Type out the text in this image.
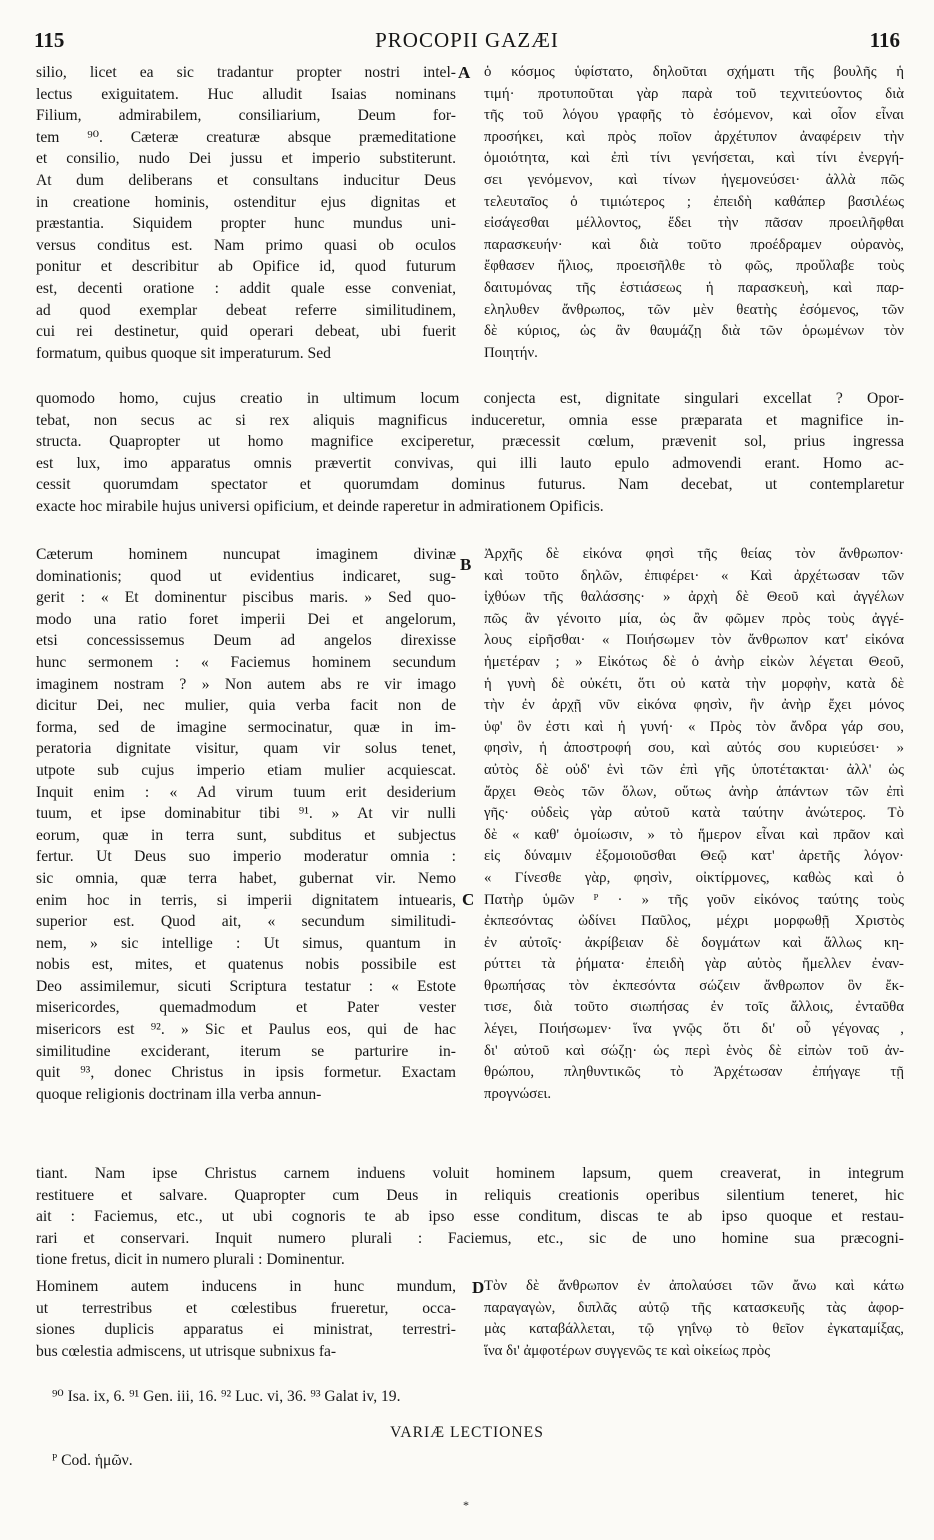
115	PROCOPII GAZÆI	116
silio, licet ea sic tradantur propter nostri intel-
lectus exiguitatem. Huc alludit Isaias nominans
Filium, admirabilem, consiliarium, Deum for-
tem ⁹⁰. Cæteræ creaturæ absque præmeditatione
et consilio, nudo Dei jussu et imperio substiterunt.
At dum deliberans et consultans inducitur Deus
in creatione hominis, ostenditur ejus dignitas et
præstantia. Siquidem propter hunc mundus uni-
versus conditus est. Nam primo quasi ob oculos
ponitur et describitur ab Opifice id, quod futurum
est, decenti oratione : addit quale esse conveniat,
ad quod exemplar debeat referre similitudinem,
cui rei destinetur, quid operari debeat, ubi fuerit
formatum, quibus quoque sit imperaturum. Sed
ὁ κόσμος ὑφίστατο, δηλοῦται σχήματι τῆς βουλῆς ἡ
τιμή· προτυποῦται γὰρ παρὰ τοῦ τεχνιτεύοντος διὰ
τῆς τοῦ λόγου γραφῆς τὸ ἐσόμενον, καὶ οἷον εἶναι
προσήκει, καὶ πρὸς ποῖον ἀρχέτυπον ἀναφέρειν τὴν
ὁμοιότητα, καὶ ἐπὶ τίνι γενήσεται, καὶ τίνι ἐνεργή-
σει γενόμενον, καὶ τίνων ἡγεμονεύσει· ἀλλὰ πῶς
τελευταῖος ὁ τιμιώτερος ; ἐπειδὴ καθάπερ βασιλέως
εἰσάγεσθαι μέλλοντος, ἔδει τὴν πᾶσαν προειλῆφθαι
παρασκευήν· καὶ διὰ τοῦτο προέδραμεν οὐρανὸς,
ἔφθασεν ἥλιος, προεισῆλθε τὸ φῶς, προὔλαβε τοὺς
δαιτυμόνας τῆς ἑστιάσεως ἡ παρασκευὴ, καὶ παρ-
εληλυθεν ἄνθρωπος, τῶν μὲν θεατὴς ἐσόμενος, τῶν
δὲ κύριος, ὡς ἂν θαυμάζῃ διὰ τῶν ὁρωμένων τὸν
Ποιητήν.
A
quomodo homo, cujus creatio in ultimum locum conjecta est, dignitate singulari excellat ? Opor-
tebat, non secus ac si rex aliquis magnificus induceretur, omnia esse præparata et magnifice in-
structa. Quapropter ut homo magnifice exciperetur, præcessit cœlum, prævenit sol, prius ingressa
est lux, imo apparatus omnis prævertit convivas, qui illi lauto epulo admovendi erant. Homo ac-
cessit quorumdam spectator et quorumdam dominus futurus. Nam decebat, ut contemplaretur
exacte hoc mirabile hujus universi opificium, et deinde raperetur in admirationem Opificis.
Cæterum hominem nuncupat imaginem divinæ
dominationis; quod ut evidentius indicaret, sug-
gerit : « Et dominentur piscibus maris. » Sed quo-
modo una ratio foret imperii Dei et angelorum,
etsi concessissemus Deum ad angelos direxisse
hunc sermonem : « Faciemus hominem secundum
imaginem nostram ? » Non autem abs re vir imago
dicitur Dei, nec mulier, quia verba facit non de
forma, sed de imagine sermocinatur, quæ in im-
peratoria dignitate visitur, quam vir solus tenet,
utpote sub cujus imperio etiam mulier acquiescat.
Inquit enim : « Ad virum tuum erit desiderium
tuum, et ipse dominabitur tibi ⁹¹. » At vir nulli
eorum, quæ in terra sunt, subditus et subjectus
fertur. Ut Deus suo imperio moderatur omnia :
sic omnia, quæ terra habet, gubernat vir. Nemo
enim hoc in terris, si imperii dignitatem intuearis,
superior est. Quod ait, « secundum similitudi-
nem, » sic intellige : Ut simus, quantum in
nobis est, mites, et quatenus nobis possibile est
Deo assimilemur, sicuti Scriptura testatur : « Estote
misericordes, quemadmodum et Pater vester
misericors est ⁹². » Sic et Paulus eos, qui de hac
similitudine exciderant, iterum se parturire in-
quit ⁹³, donec Christus in ipsis formetur. Exactam
quoque religionis doctrinam illa verba annun-
Ἀρχῆς δὲ εἰκόνα φησὶ τῆς θείας τὸν ἄνθρωπον·
καὶ τοῦτο δηλῶν, ἐπιφέρει· « Καὶ ἀρχέτωσαν τῶν
ἰχθύων τῆς θαλάσσης· » ἀρχὴ δὲ Θεοῦ καὶ ἀγγέλων
πῶς ἂν γένοιτο μία, ὡς ἂν φῶμεν πρὸς τοὺς ἀγγέ-
λους εἰρῆσθαι· « Ποιήσωμεν τὸν ἄνθρωπον κατ' εἰκόνα
ἡμετέραν ; » Εἰκότως δὲ ὁ ἀνὴρ εἰκὼν λέγεται Θεοῦ,
ἡ γυνὴ δὲ οὐκέτι, ὅτι οὐ κατὰ τὴν μορφὴν, κατὰ δὲ
τὴν ἐν ἀρχῇ νῦν εἰκόνα φησὶν, ἣν ἀνὴρ ἔχει μόνος
ὑφ' ὃν ἐστι καὶ ἡ γυνή· « Πρὸς τὸν ἄνδρα γάρ σου,
φησὶν, ἡ ἀποστροφή σου, καὶ αὐτός σου κυριεύσει· »
αὐτὸς δὲ οὐδ' ἑνὶ τῶν ἐπὶ γῆς ὑποτέτακται· ἀλλ' ὡς
ἄρχει Θεὸς τῶν ὅλων, οὕτως ἀνὴρ ἁπάντων τῶν ἐπὶ
γῆς· οὐδεὶς γὰρ αὐτοῦ κατὰ ταύτην ἀνώτερος. Τὸ
δὲ « καθ' ὁμοίωσιν, » τὸ ἥμερον εἶναι καὶ πρᾶον καὶ
εἰς δύναμιν ἐξομοιοῦσθαι Θεῷ κατ' ἀρετῆς λόγον·
« Γίνεσθε γὰρ, φησὶν, οἰκτίρμονες, καθὼς καὶ ὁ
Πατὴρ ὑμῶν ᴾ · » τῆς γοῦν εἰκόνος ταύτης τοὺς
ἐκπεσόντας ὠδίνει Παῦλος, μέχρι μορφωθῇ Χριστὸς
ἐν αὐτοῖς· ἀκρίβειαν δὲ δογμάτων καὶ ἄλλως κη-
ρύττει τὰ ῥήματα· ἐπειδὴ γὰρ αὐτὸς ἤμελλεν ἐναν-
θρωπήσας τὸν ἐκπεσόντα σώζειν ἄνθρωπον ὃν ἔκ-
τισε, διὰ τοῦτο σιωπήσας ἐν τοῖς ἄλλοις, ἐνταῦθα
λέγει, Ποιήσωμεν· ἵνα γνῷς ὅτι δι' οὗ γέγονας ,
δι' αὐτοῦ καὶ σώζῃ· ὡς περὶ ἑνὸς δὲ εἰπὼν τοῦ ἀν-
θρώπου, πληθυντικῶς τὸ Ἀρχέτωσαν ἐπήγαγε τῇ
προγνώσει.
B
C
tiant. Nam ipse Christus carnem induens voluit hominem lapsum, quem creaverat, in integrum
restituere et salvare. Quapropter cum Deus in reliquis creationis operibus silentium teneret, hic
ait : Faciemus, etc., ut ubi cognoris te ab ipso esse conditum, discas te ab ipso quoque et restau-
rari et conservari. Inquit numero plurali : Faciemus, etc., sic de uno homine sua præcogni-
tione fretus, dicit in numero plurali : Dominentur.
Hominem autem inducens in hunc mundum,
ut terrestribus et cœlestibus frueretur, occa-
siones duplicis apparatus ei ministrat, terrestri-
bus cœlestia admiscens, ut utrisque subnixus fa-
Τὸν δὲ ἄνθρωπον ἐν ἀπολαύσει τῶν ἄνω καὶ κάτω
παραγαγὼν, διπλᾶς αὐτῷ τῆς κατασκευῆς τὰς ἀφορ-
μὰς καταβάλλεται, τῷ γηΐνῳ τὸ θεῖον ἐγκαταμίξας,
ἵνα δι' ἀμφοτέρων συγγενῶς τε καὶ οἰκείως πρὸς
D
⁹⁰ Isa. ix, 6. ⁹¹ Gen. iii, 16. ⁹² Luc. vi, 36. ⁹³ Galat iv, 19.
VARIÆ LECTIONES
ᴾ Cod. ἡμῶν.
*
